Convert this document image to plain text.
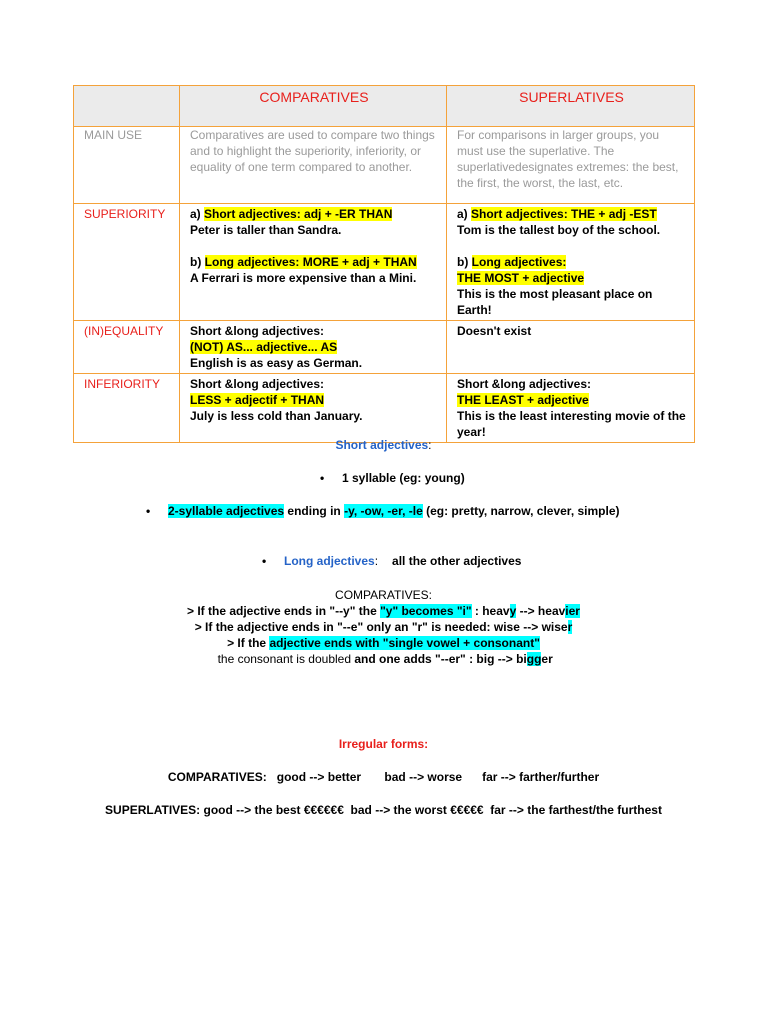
	COMPARATIVES	SUPERLATIVES
MAIN USE	Comparatives are used to compare two things and to highlight the superiority, inferiority, or equality of one term compared to another.	For comparisons in larger groups, you must use the superlative. The superlativedesignates extremes: the best, the first, the worst, the last, etc.
SUPERIORITY	a) Short adjectives: adj + -ER THAN
Peter is taller than Sandra.
b) Long adjectives: MORE + adj + THAN
A Ferrari is more expensive than a Mini.	a) Short adjectives: THE + adj -EST
Tom is the tallest boy of the school.
b) Long adjectives:
THE MOST + adjective
This is the most pleasant place on Earth!
(IN)EQUALITY	Short &long adjectives:
(NOT) AS... adjective... AS
English is as easy as German.	Doesn't exist
INFERIORITY	Short &long adjectives:
LESS + adjectif + THAN
July is less cold than January.	Short &long adjectives:
THE LEAST + adjective
This is the least interesting movie of the year!
Short adjectives:
• 1 syllable (eg: young)
• 2-syllable adjectives ending in -y, -ow, -er, -le (eg: pretty, narrow, clever, simple)
• Long adjectives: all the other adjectives
COMPARATIVES:
> If the adjective ends in "--y" the "y" becomes "i" : heavy --> heavier
> If the adjective ends in "--e" only an "r" is needed: wise --> wiser
> If the adjective ends with "single vowel + consonant" the consonant is doubled and one adds "--er" : big --> bigger
Irregular forms:
COMPARATIVES:   good --> better       bad --> worse      far --> farther/further
SUPERLATIVES: good --> the best €€€€€€  bad --> the worst €€€€€  far --> the farthest/the furthest
